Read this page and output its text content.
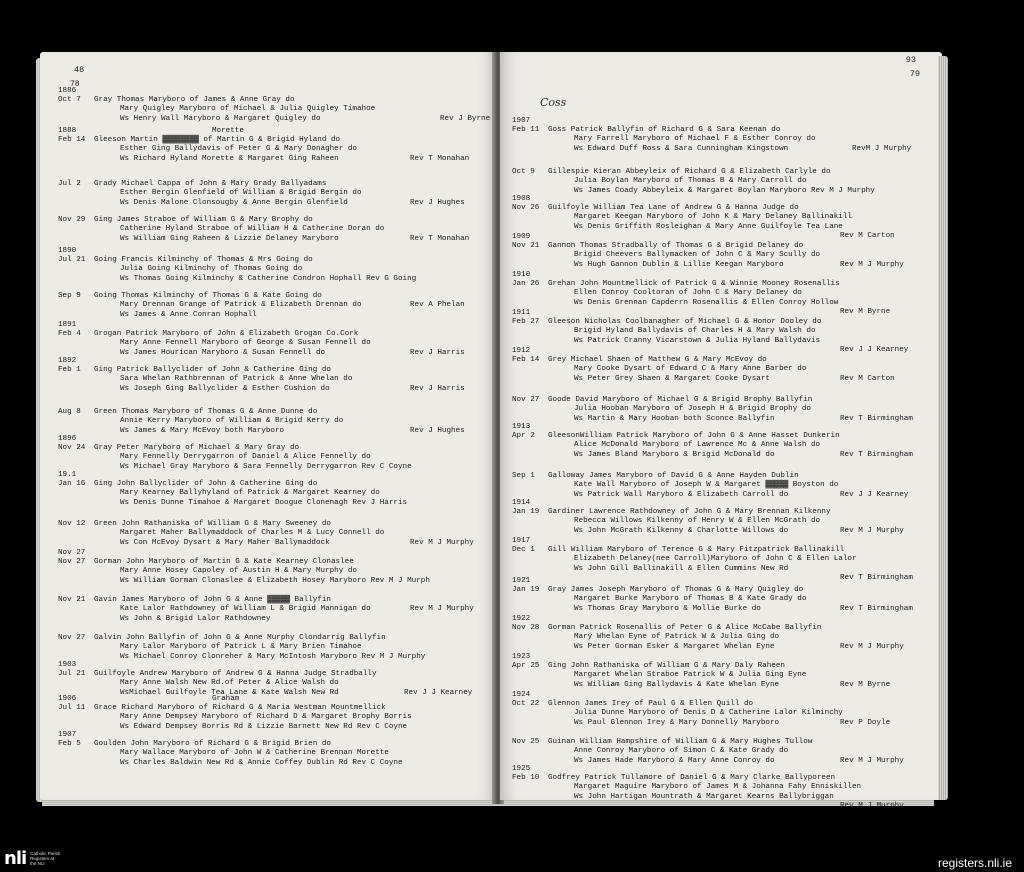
48
78
1886
Oct 7 Gray Thomas Maryboro of James & Anne Gray do
Mary Quigley Maryboro of Michael & Julia Quigley Timahoe
Ws Henry Wall Maryboro & Margaret Quigley do	Rev J Byrne
1888	Morette
Feb 14 Gleeson Martin ▓▓▓▓▓▓▓▓ of Martin G & Brigid Hyland do
Esther Ging Ballydavis of Peter G & Mary Donagher do
Ws Richard Hyland Morette & Margaret Ging Raheen	Rev T Monahan
Jul 2 Grady Michael Cappa of John & Mary Grady Ballyadams
Esther Bergin Glenfield of William & Brigid Bergin do
Ws Denis Malone Clonsougby & Anne Bergin Glenfield	Rev J Hughes
Nov 29 Ging James Straboe of William G & Mary Brophy do
Catherine Hyland Straboe of William H & Catherine Doran do
Ws William Ging Raheen & Lizzie Delaney Maryboro	Rev T Monahan
1890
Jul 21 Going Francis Kilminchy of Thomas & Mrs Going do
Julia Going Kilminchy of Thomas Going do
Ws Thomas Going Kilminchy & Catherine Condron Hophall Rev G Going
Sep 9 Going Thomas Kilminchy of Thomas G & Kate Going do
Mary Drennan Grange of Patrick & Elizabeth Drennan do
Ws James & Anne Conran Hophall
Rev A Phelan
1891
Feb 4 Grogan Patrick Maryboro of John & Elizabeth Grogan Co.Cork
Mary Anne Fennell Maryboro of George & Susan Fennell do
Ws James Hourican Maryboro & Susan Fennell do	Rev J Harris
1892
Feb 1 Ging Patrick Ballyclider of John & Catherine Ging do
Sara Whelan Rathbrennan of Patrick & Anne Whelan do
Ws Joseph Ging Ballyclider & Esther Cushion do	Rev J Harris
Aug 8 Green Thomas Maryboro of Thomas G & Anne Dunne do
Annie Kerry Maryboro of William & Brigid Kerry do
Ws James & Mary McEvoy both Maryboro	Rev J Hughes
1896
Nov 24 Gray Peter Maryboro of Michael & Mary Gray do
Mary Fennelly Derrygarron of Daniel & Alice Fennelly do
Ws Michael Gray Maryboro & Sara Fennelly Derrygarron Rev C Coyne
19.1
Jan 16 Ging John Ballyclider of John & Catherine Ging do
Mary Kearney Ballyhyland of Patrick & Margaret Kearney do
Ws Denis Dunne Timahoe & Margaret Doogue Clonenagh Rev J Harris
Nov 12 Green John Rathaniska of William G & Mary Sweeney do
Margaret Maher Ballymaddock of Charles M & Lucy Connell do
Ws Con McEvoy Dysart & Mary Maher Ballymaddock	Rev M J Murphy
Nov 27
Nov 27 Gorman John Maryboro of Martin G & Kate Kearney Clonaslee
Mary Anne Hosey Capoley of Austin H & Mary Murphy do
Ws William Gorman Clonaslee & Elizabeth Hosey Maryboro Rev M J Murph
Nov 21 Gavin James Maryboro of John G & Anne ▓▓▓▓▓ Ballyfin
Kate Lalor Rathdowney of William L & Brigid Mannigan do
Ws John & Brigid Lalor Rathdowney
Rev M J Murphy
Nov 27 Galvin John Ballyfin of John G & Anne Murphy Clondarrig Ballyfin
Mary Lalor Maryboro of Patrick L & Mary Brien Timahoe
Ws Michael Conroy Clonreher & Mary McIntosh Maryboro Rev M J Murphy
1903
Jul 21 Guilfoyle Andrew Maryboro of Andrew G & Hanna Judge Stradbally
Mary Anne Walsh New Rd.of Peter & Alice Walsh do
WsMichael Guilfoyle Tea Lane & Kate Walsh New Rd	Rev J J Kearney
1906	Graham
Jul 11 Grace Richard Maryboro of Richard G & Maria Westman Mountmellick
Mary Anne Dempsey Maryboro of Richard D & Margaret Brophy Borris
Ws Edward Dempsey Borris Rd & Lizzie Barnett New Rd Rev C Coyne
1907
Feb 5 Goulden John Maryboro of Richard G & Brigid Brien do
Mary Wallace Maryboro of John W & Catherine Brennan Morette
Ws Charles Baldwin New Rd & Annie Coffey Dublin Rd Rev C Coyne
93
79
Coss
1907
Feb 11 Goss Patrick Ballyfin of Richard G & Sara Keenan do
Mary Farrell Maryboro of Michael F & Esther Conroy do
Ws Edward Duff Ross & Sara Cunningham Kingstown	RevM J Murphy
Oct 9 Gillespie Kieran Abbeyleix of Richard G & Elizabeth Carlyle do
Julia Boylan Maryboro of Thomas B & Mary Carroll do
Ws James Coady Abbeyleix & Margaret Boylan Maryboro Rev M J Murphy
1908
Nov 26 Guilfoyle William Tea Lane of Andrew G & Hanna Judge do
Margaret Keegan Maryboro of John K & Mary Delaney Ballinakill
Ws Denis Griffith Rosleighan & Mary Anne Guilfoyle Tea Lane
Rev M Carton
1909
Nov 21 Gannon Thomas Stradbally of Thomas G & Brigid Delaney do
Brigid Cheevers Ballymacken of John C & Mary Scully do
Ws Hugh Gannon Dublin & Lillie Keegan Maryboro	Rev M J Murphy
1910
Jan 26 Grehan John Mountmellick of Patrick G & Winnie Mooney Rosenallis
Ellen Conroy Cooltoran of John C & Mary Delaney do
Ws Denis Grennan Capderrn Rosenallis & Ellen Conroy Hollow
Rev M Byrne
1911
Feb 27 Gleeson Nicholas Coolbanagher of Michael G & Honor Dooley do
Brigid Hyland Ballydavis of Charles H & Mary Walsh do
Ws Patrick Cranny Vicarstown & Julia Hyland Ballydavis
Rev J J Kearney
1912
Feb 14 Grey Michael Shaen of Matthew G & Mary McEvoy do
Mary Cooke Dysart of Edward C & Mary Anne Barber do
Ws Peter Grey Shaen & Margaret Cooke Dysart	Rev M Carton
Nov 27 Goode David Maryboro of Michael G & Brigid Brophy Ballyfin
Julia Hooban Maryboro of Joseph H & Brigid Brophy do
Ws Martin & Mary Hooban both Sconce Ballyfin	Rev T Birmingham
1913
Apr 2 GleesonWilliam Patrick Maryboro of John G & Anne Hasset Dunkerin
Alice McDonald Maryboro of Lawrence Mc & Anne Walsh do
Ws James Bland Maryboro & Brigid McDonald do	Rev T Birmingham
Sep 1 Galloway James Maryboro of David G & Anne Hayden Dublin
Kate Wall Maryboro of Joseph W & Margaret ▓▓▓▓▓ Boyston do
Ws Patrick Wall Maryboro & Elizabeth Carroll do	Rev J J Kearney
1914
Jan 19 Gardiner Lawrence Rathdowney of John G & Mary Brennan Kilkenny
Rebecca Willows Kilkenny of Henry W & Ellen McGrath do
Ws John McGrath Kilkenny & Charlotte Willows do	Rev M J Murphy
1917
Dec 1 Gill William Maryboro of Terence G & Mary Fitzpatrick Ballinakill
Elizabeth Delaney(nee Carroll)Maryboro of John C & Ellen Lalor
Ws John Gill Ballinakill & Ellen Cummins New Rd
Rev T Birmingham
1921
Jan 19 Gray James Joseph Maryboro of Thomas G & Mary Quigley do
Margaret Burke Maryboro of Thomas B & Kate Grady do
Ws Thomas Gray Maryboro & Mollie Burke do	Rev T Birmingham
1922
Nov 28 Gorman Patrick Rosenallis of Peter G & Alice McCabe Ballyfin
Mary Whelan Eyne of Patrick W & Julia Ging do
Ws Peter Gorman Esker & Margaret Whelan Eyne	Rev M J Murphy
1923
Apr 25 Ging John Rathaniska of William G & Mary Daly Raheen
Margaret Whelan Straboe Patrick W & Julia Ging Eyne
Ws William Ging Ballydavis & Kate Whelan Eyne	Rev M Byrne
1924
Oct 22 Glennon James Irey of Paul G & Ellen Quill do
Julia Dunne Maryboro of Denis D & Catherine Lalor Kilminchy
Ws Paul Glennon Irey & Mary Donnelly Maryboro	Rev P Doyle
Nov 25 Guinan William Hampshire of William G & Mary Hughes Tullow
Anne Conroy Maryboro of Simon C & Kate Grady do
Ws James Hade Maryboro & Mary Anne Conroy do	Rev M J Murphy
1925
Feb 10 Godfrey Patrick Tullamore of Daniel G & Mary Clarke Ballyporeen
Margaret Maguire Maryboro of James M & Johanna Fahy Enniskillen
Ws John Hartigan Mountrath & Margaret Kearns Ballybriggan
Rev M J Murphy
nli Catholic Parish
Registers at
the NLI	registers.nli.ie
